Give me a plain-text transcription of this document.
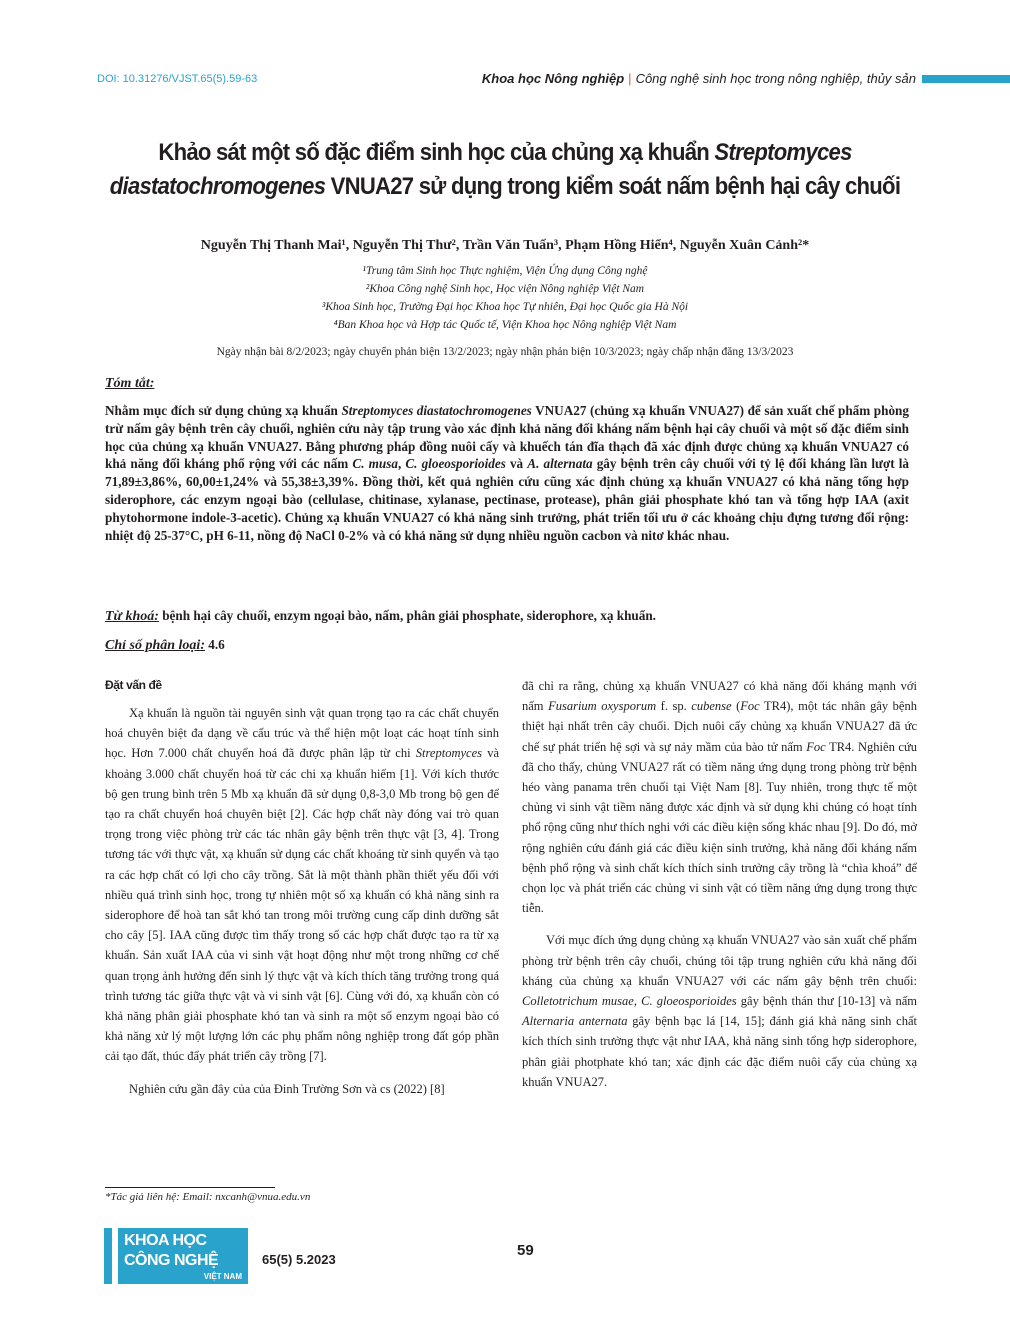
DOI: 10.31276/VJST.65(5).59-63	Khoa học Nông nghiệp | Công nghệ sinh học trong nông nghiệp, thủy sản
Khảo sát một số đặc điểm sinh học của chủng xạ khuẩn Streptomyces diastatochromogenes VNUA27 sử dụng trong kiểm soát nấm bệnh hại cây chuối
Nguyễn Thị Thanh Mai¹, Nguyễn Thị Thư², Trần Văn Tuấn³, Phạm Hồng Hiển⁴, Nguyễn Xuân Cảnh²*
¹Trung tâm Sinh học Thực nghiệm, Viện Ứng dụng Công nghệ
²Khoa Công nghệ Sinh học, Học viện Nông nghiệp Việt Nam
³Khoa Sinh học, Trường Đại học Khoa học Tự nhiên, Đại học Quốc gia Hà Nội
⁴Ban Khoa học và Hợp tác Quốc tế, Viện Khoa học Nông nghiệp Việt Nam
Ngày nhận bài 8/2/2023; ngày chuyển phản biện 13/2/2023; ngày nhận phản biện 10/3/2023; ngày chấp nhận đăng 13/3/2023
Tóm tắt:
Nhằm mục đích sử dụng chủng xạ khuẩn Streptomyces diastatochromogenes VNUA27 (chủng xạ khuẩn VNUA27) để sản xuất chế phẩm phòng trừ nấm gây bệnh trên cây chuối, nghiên cứu này tập trung vào xác định khả năng đối kháng nấm bệnh hại cây chuối và một số đặc điểm sinh học của chủng xạ khuẩn VNUA27. Bằng phương pháp đồng nuôi cấy và khuếch tán đĩa thạch đã xác định được chủng xạ khuẩn VNUA27 có khả năng đối kháng phổ rộng với các nấm C. musa, C. gloeosporioides và A. alternata gây bệnh trên cây chuối với tỷ lệ đối kháng lần lượt là 71,89±3,86%, 60,00±1,24% và 55,38±3,39%. Đồng thời, kết quả nghiên cứu cũng xác định chủng xạ khuẩn VNUA27 có khả năng tổng hợp siderophore, các enzym ngoại bào (cellulase, chitinase, xylanase, pectinase, protease), phân giải phosphate khó tan và tổng hợp IAA (axit phytohormone indole-3-acetic). Chủng xạ khuẩn VNUA27 có khả năng sinh trưởng, phát triển tối ưu ở các khoảng chịu đựng tương đối rộng: nhiệt độ 25-37°C, pH 6-11, nồng độ NaCl 0-2% và có khả năng sử dụng nhiều nguồn cacbon và nitơ khác nhau.
Từ khoá: bệnh hại cây chuối, enzym ngoại bào, nấm, phân giải phosphate, siderophore, xạ khuẩn.
Chỉ số phân loại: 4.6
Đặt vấn đề

Xạ khuẩn là nguồn tài nguyên sinh vật quan trọng tạo ra các chất chuyển hoá chuyên biệt đa dạng về cấu trúc và thể hiện một loạt các hoạt tính sinh học. Hơn 7.000 chất chuyển hoá đã được phân lập từ chi Streptomyces và khoảng 3.000 chất chuyển hoá từ các chi xạ khuẩn hiếm [1]. Với kích thước bộ gen trung bình trên 5 Mb xạ khuẩn đã sử dụng 0,8-3,0 Mb trong bộ gen để tạo ra chất chuyển hoá chuyên biệt [2]. Các hợp chất này đóng vai trò quan trọng trong việc phòng trừ các tác nhân gây bệnh trên thực vật [3, 4]. Trong tương tác với thực vật, xạ khuẩn sử dụng các chất khoáng từ sinh quyển và tạo ra các hợp chất có lợi cho cây trồng. Sắt là một thành phần thiết yếu đối với nhiều quá trình sinh học, trong tự nhiên một số xạ khuẩn có khả năng sinh ra siderophore để hoà tan sắt khó tan trong môi trường cung cấp dinh dưỡng sắt cho cây [5]. IAA cũng được tìm thấy trong số các hợp chất được tạo ra từ xạ khuẩn. Sản xuất IAA của vi sinh vật hoạt động như một trong những cơ chế quan trọng ảnh hưởng đến sinh lý thực vật và kích thích tăng trưởng trong quá trình tương tác giữa thực vật và vi sinh vật [6]. Cùng với đó, xạ khuẩn còn có khả năng phân giải phosphate khó tan và sinh ra một số enzym ngoại bào có khả năng xử lý một lượng lớn các phụ phẩm nông nghiệp trong đất góp phần cải tạo đất, thúc đẩy phát triển cây trồng [7].

Nghiên cứu gần đây của của Đinh Trường Sơn và cs (2022) [8]

đã chỉ ra rằng, chủng xạ khuẩn VNUA27 có khả năng đối kháng mạnh với nấm Fusarium oxysporum f. sp. cubense (Foc TR4), một tác nhân gây bệnh thiệt hại nhất trên cây chuối. Dịch nuôi cấy chủng xạ khuẩn VNUA27 đã ức chế sự phát triển hệ sợi và sự nảy mầm của bào tử nấm Foc TR4. Nghiên cứu đã cho thấy, chủng VNUA27 rất có tiềm năng ứng dụng trong phòng trừ bệnh héo vàng panama trên chuối tại Việt Nam [8]. Tuy nhiên, trong thực tế một chủng vi sinh vật tiềm năng được xác định và sử dụng khi chúng có hoạt tính phổ rộng cũng như thích nghi với các điều kiện sống khác nhau [9]. Do đó, mở rộng nghiên cứu đánh giá các điều kiện sinh trưởng, khả năng đối kháng nấm bệnh phổ rộng và sinh chất kích thích sinh trưởng cây trồng là “chìa khoá” để chọn lọc và phát triển các chủng vi sinh vật có tiềm năng ứng dụng trong thực tiễn.

Với mục đích ứng dụng chủng xạ khuẩn VNUA27 vào sản xuất chế phẩm phòng trừ bệnh trên cây chuối, chúng tôi tập trung nghiên cứu khả năng đối kháng của chủng xạ khuẩn VNUA27 với các nấm gây bệnh trên chuối: Colletotrichum musae, C. gloeosporioides gây bệnh thán thư [10-13] và nấm Alternaria anternata gây bệnh bạc lá [14, 15]; đánh giá khả năng sinh chất kích thích sinh trưởng thực vật như IAA, khả năng sinh tổng hợp siderophore, phân giải photphate khó tan; xác định các đặc điểm nuôi cấy của chủng xạ khuẩn VNUA27.

*Tác giả liên hệ: Email: nxcanh@vnua.edu.vn
KHOA HỌC
CÔNG NGHỆ
VIỆT NAM
65(5) 5.2023
59
